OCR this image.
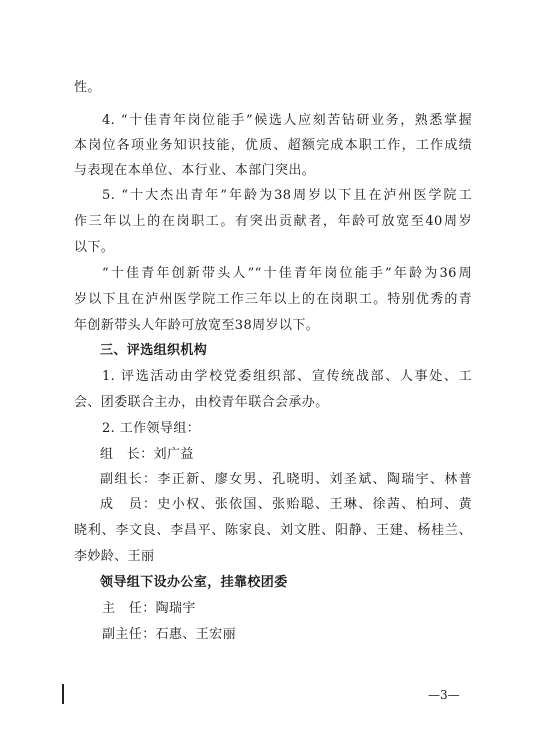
性。
4. “十佳青年岗位能手”候选人应刻苦钻研业务，熟悉掌握
本岗位各项业务知识技能，优质、超额完成本职工作，工作成绩
与表现在本单位、本行业、本部门突出。
5. “十大杰出青年”年龄为38周岁以下且在泸州医学院工
作三年以上的在岗职工。有突出贡献者，年龄可放宽至40周岁
以下。
“十佳青年创新带头人”“十佳青年岗位能手”年龄为36周
岁以下且在泸州医学院工作三年以上的在岗职工。特别优秀的青
年创新带头人年龄可放宽至38周岁以下。
三、评选组织机构
1. 评选活动由学校党委组织部、宣传统战部、人事处、工
会、团委联合主办，由校青年联合会承办。
2. 工作领导组：
组　长：刘广益
副组长：李正新、廖女男、孔晓明、刘圣斌、陶瑞宇、林普
成　员：史小权、张依国、张贻聪、王琳、徐茜、柏珂、黄
晓利、李文良、李昌平、陈家良、刘文胜、阳静、王建、杨桂兰、
李妙龄、王丽
领导组下设办公室，挂靠校团委
主　任：陶瑞宇
副主任：石惠、王宏丽
—3—
